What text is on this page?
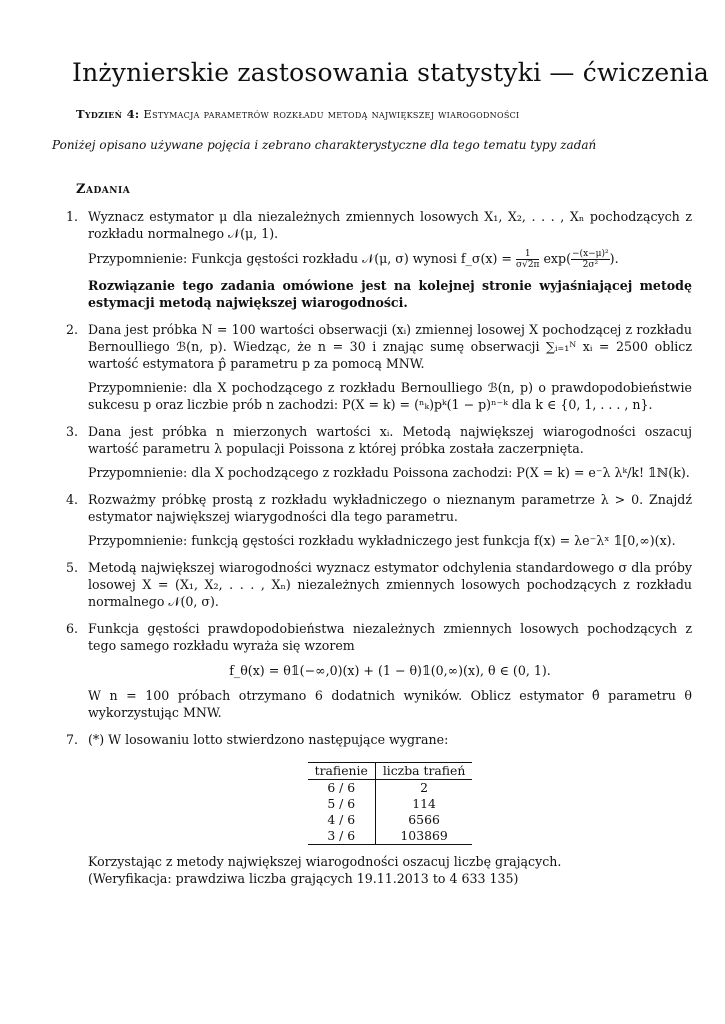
Inżynierskie zastosowania statystyki — ćwiczenia
Tydzień 4: Estymacja parametrów rozkładu metodą największej wiarogodności
Poniżej opisano używane pojęcia i zebrano charakterystyczne dla tego tematu typy zadań
Zadania
1. Wyznacz estymator μ dla niezależnych zmiennych losowych X₁, X₂, . . . , Xₙ pochodzących z rozkładu normalnego 𝒩(μ, 1).

Przypomnienie: Funkcja gęstości rozkładu 𝒩(μ, σ) wynosi f_σ(x) = $\frac{1}{\sigma√2\pi} \exp( \frac{\text{−(x−μ)²}}{\text{2σ²}}$ ).

Rozwiązanie tego zadania omówione jest na kolejnej stronie wyjaśniającej metodę estymacji metodą największej wiarogodności.

2. Dana jest próbka N = 100 wartości obserwacji (xᵢ) zmiennej losowej X pochodzącej z rozkładu Bernoulliego ℬ(n, p). Wiedząc, że n = 30 i znając sumę obserwacji ∑ᵢ₌₁ᴺ xᵢ = 2500 oblicz wartość estymatora p̂ parametru p za pomocą MNW.

Przypomnienie: dla X pochodzącego z rozkładu Bernoulliego ℬ(n, p) o prawdopodobieństwie sukcesu p oraz liczbie prób n zachodzi: P(X = k) = (ⁿₖ)pᵏ(1 − p)ⁿ⁻ᵏ dla k ∈ {0, 1, . . . , n}.

3. Dana jest próbka n mierzonych wartości xᵢ. Metodą największej wiarogodności oszacuj wartość parametru λ populacji Poissona z której próbka została zaczerpnięta.

Przypomnienie: dla X pochodzącego z rozkładu Poissona zachodzi: P(X = k) = e⁻λ λᵏ/k! 𝟙ℕ(k).

4. Rozważmy próbkę prostą z rozkładu wykładniczego o nieznanym parametrze λ > 0. Znajdź estymator największej wiarygodności dla tego parametru.

Przypomnienie: funkcją gęstości rozkładu wykładniczego jest funkcja f(x) = λe⁻λˣ 𝟙[0,∞)(x).

5. Metodą największej wiarogodności wyznacz estymator odchylenia standardowego σ dla próby losowej X = (X₁, X₂, . . . , Xₙ) niezależnych zmiennych losowych pochodzących z rozkładu normalnego 𝒩(0, σ).

6. Funkcja gęstości prawdopodobieństwa niezależnych zmiennych losowych pochodzących z tego samego rozkładu wyraża się wzorem

f_θ(x) = θ𝟙(−∞,0)(x) + (1 − θ)𝟙(0,∞)(x), θ ∈ (0, 1).

W n = 100 próbach otrzymano 6 dodatnich wyników. Oblicz estymator θ̂ parametru θ wykorzystując MNW.

7. (*) W losowaniu lotto stwierdzono następujące wygrane:

trafienie	liczba trafień
6 / 6	2
5 / 6	114
4 / 6	6566
3 / 6	103869

Korzystając z metody największej wiarogodności oszacuj liczbę grających.

(Weryfikacja: prawdziwa liczba grających 19.11.2013 to 4 633 135)
